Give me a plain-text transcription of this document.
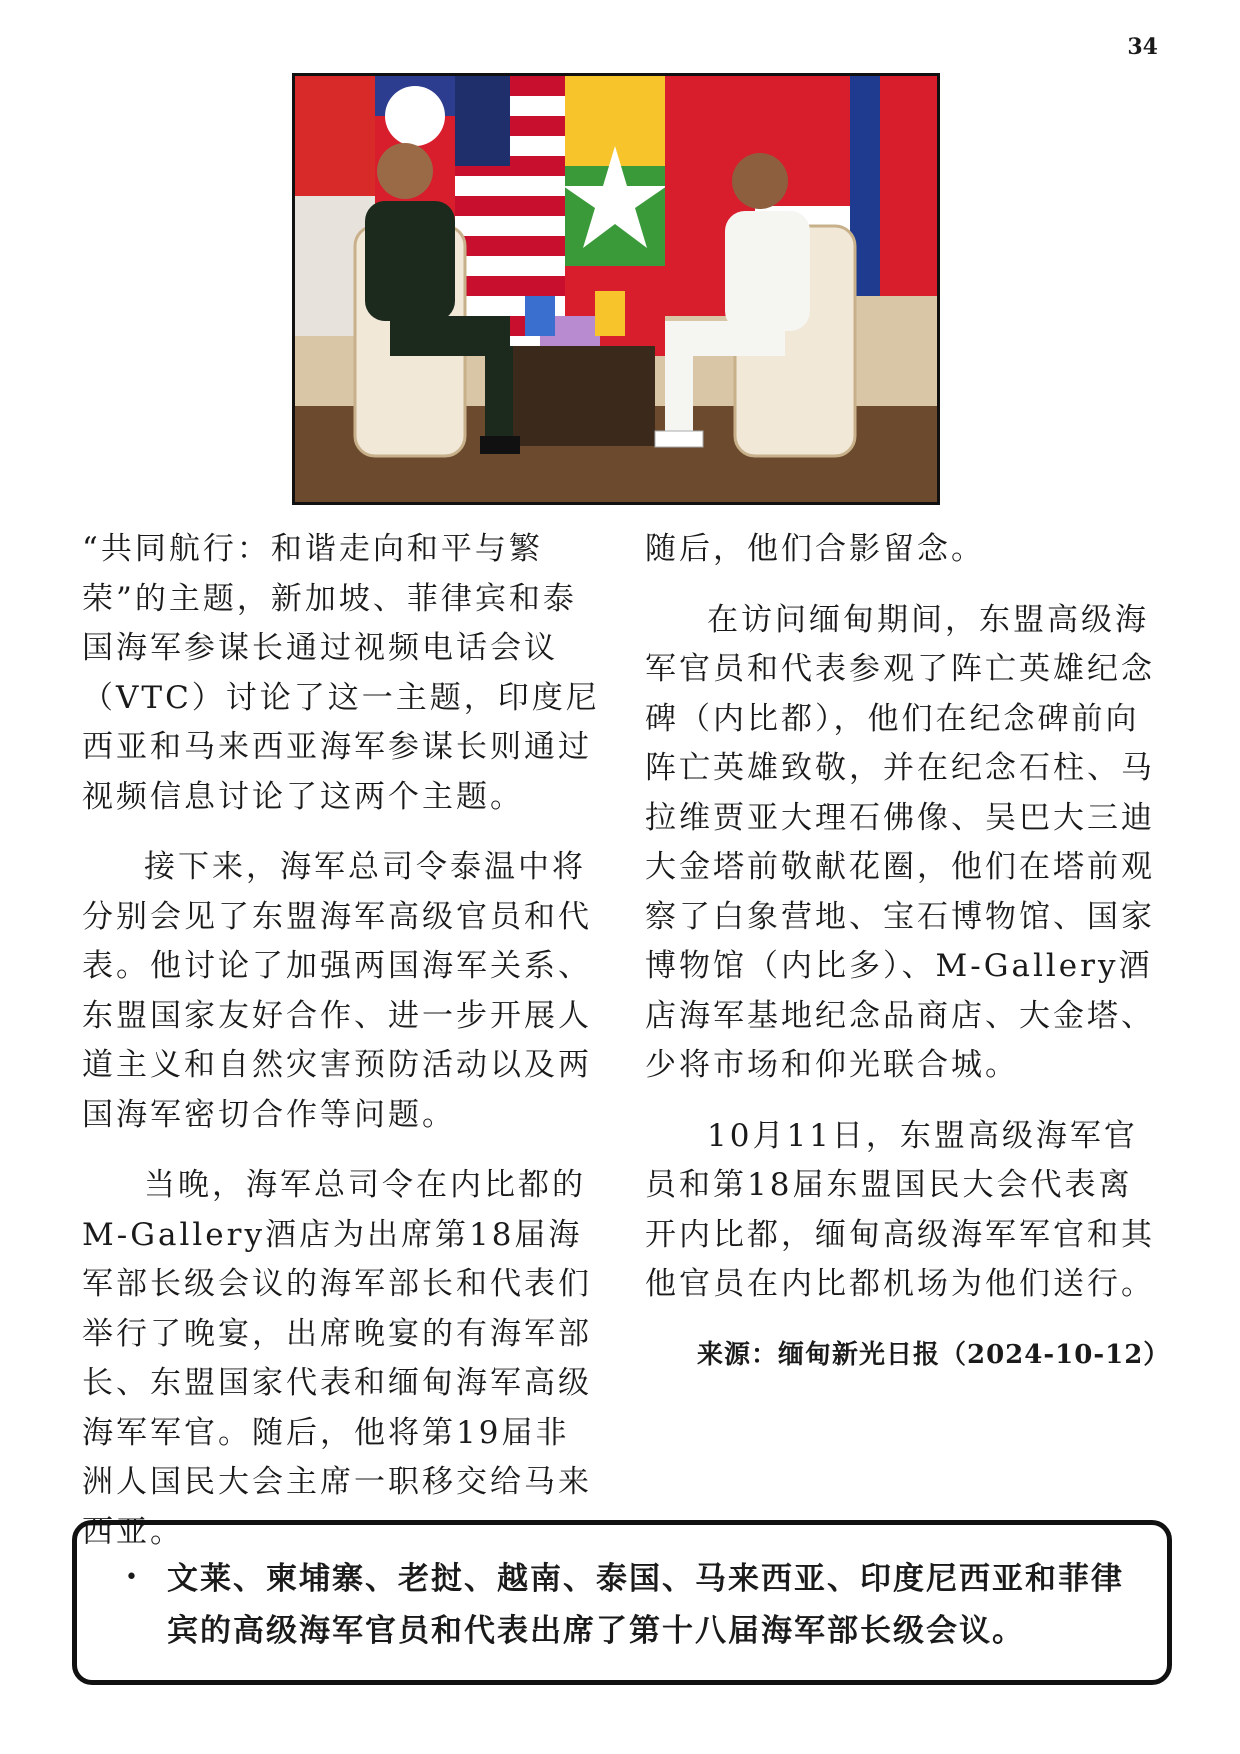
34

“共同航行：和谐走向和平与繁荣”的主题，新加坡、菲律宾和泰国海军参谋长通过视频电话会议（VTC）讨论了这一主题，印度尼西亚和马来西亚海军参谋长则通过视频信息讨论了这两个主题。

接下来，海军总司令泰温中将分别会见了东盟海军高级官员和代表。他讨论了加强两国海军关系、东盟国家友好合作、进一步开展人道主义和自然灾害预防活动以及两国海军密切合作等问题。

当晚，海军总司令在内比都的M-Gallery酒店为出席第18届海军部长级会议的海军部长和代表们举行了晚宴，出席晚宴的有海军部长、东盟国家代表和缅甸海军高级海军军官。随后，他将第19届非洲人国民大会主席一职移交给马来西亚。

随后，他们合影留念。

在访问缅甸期间，东盟高级海军官员和代表参观了阵亡英雄纪念碑（内比都），他们在纪念碑前向阵亡英雄致敬，并在纪念石柱、马拉维贾亚大理石佛像、吴巴大三迪大金塔前敬献花圈，他们在塔前观察了白象营地、宝石博物馆、国家博物馆（内比多）、M-Gallery酒店海军基地纪念品商店、大金塔、少将市场和仰光联合城。

10月11日，东盟高级海军官员和第18届东盟国民大会代表离开内比都，缅甸高级海军军官和其他官员在内比都机场为他们送行。

来源：缅甸新光日报（2024-10-12）
• 文莱、柬埔寨、老挝、越南、泰国、马来西亚、印度尼西亚和菲律宾的高级海军官员和代表出席了第十八届海军部长级会议。
